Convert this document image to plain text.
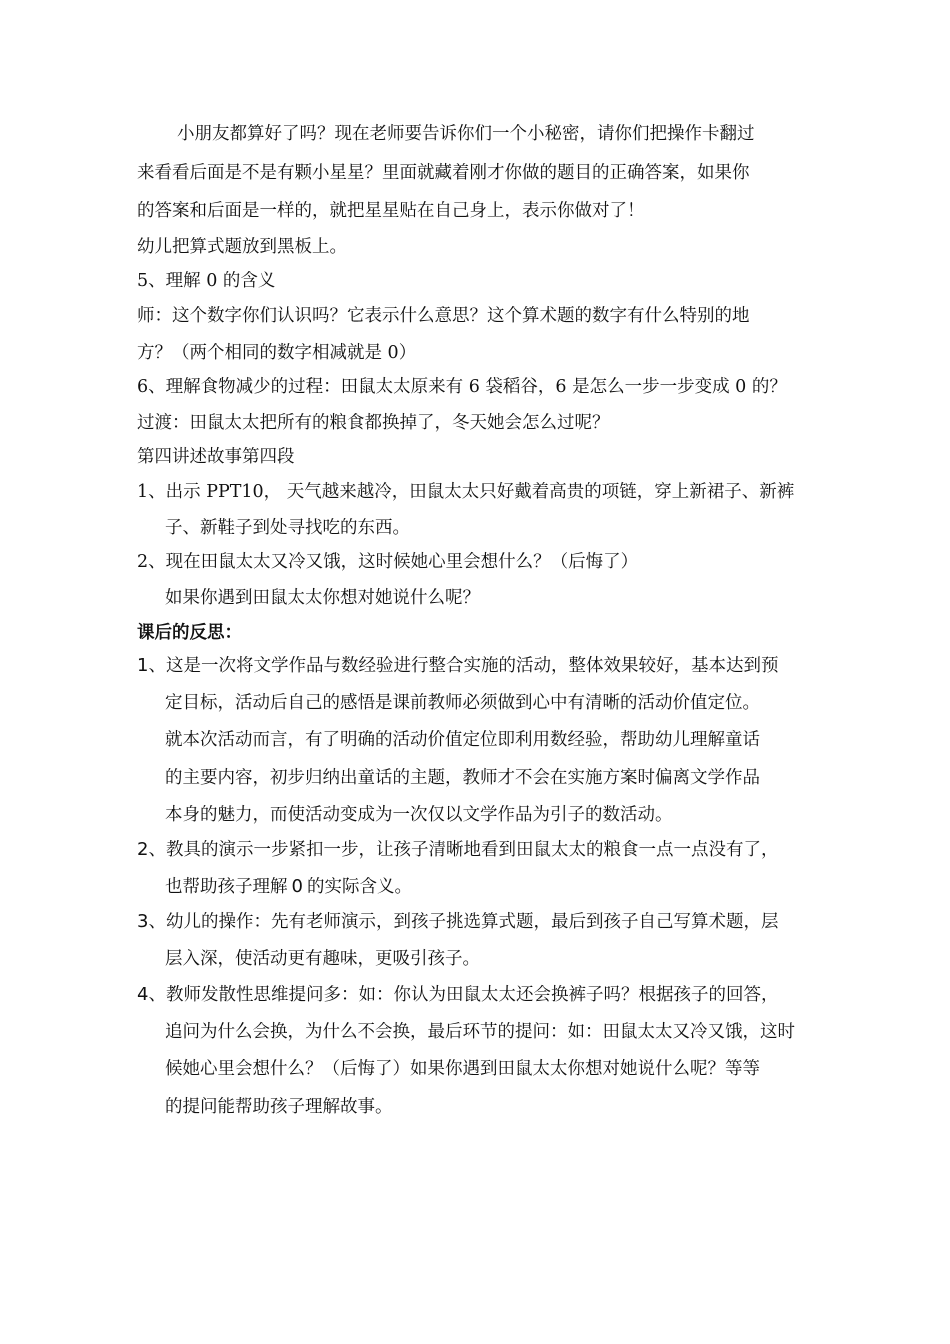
小朋友都算好了吗？现在老师要告诉你们一个小秘密，请你们把操作卡翻过
来看看后面是不是有颗小星星？里面就藏着刚才你做的题目的正确答案，如果你
的答案和后面是一样的，就把星星贴在自己身上，表示你做对了！
幼儿把算式题放到黑板上。
5、理解 0 的含义
师：这个数字你们认识吗？它表示什么意思？这个算术题的数字有什么特别的地
方？（两个相同的数字相减就是 0）
6、理解食物减少的过程：田鼠太太原来有 6 袋稻谷，6 是怎么一步一步变成 0 的？
过渡：田鼠太太把所有的粮食都换掉了，冬天她会怎么过呢？
第四讲述故事第四段
1、出示 PPT10， 天气越来越冷，田鼠太太只好戴着高贵的项链，穿上新裙子、新裤
子、新鞋子到处寻找吃的东西。
2、现在田鼠太太又冷又饿，这时候她心里会想什么？（后悔了）
如果你遇到田鼠太太你想对她说什么呢？
课后的反思：
1、这是一次将文学作品与数经验进行整合实施的活动，整体效果较好，基本达到预
定目标，活动后自己的感悟是课前教师必须做到心中有清晰的活动价值定位。
就本次活动而言，有了明确的活动价值定位即利用数经验，帮助幼儿理解童话
的主要内容，初步归纳出童话的主题，教师才不会在实施方案时偏离文学作品
本身的魅力，而使活动变成为一次仅以文学作品为引子的数活动。
2、教具的演示一步紧扣一步，让孩子清晰地看到田鼠太太的粮食一点一点没有了，
也帮助孩子理解 0 的实际含义。
3、幼儿的操作：先有老师演示，到孩子挑选算式题，最后到孩子自己写算术题，层
层入深，使活动更有趣味，更吸引孩子。
4、教师发散性思维提问多：如：你认为田鼠太太还会换裤子吗？根据孩子的回答，
追问为什么会换，为什么不会换，最后环节的提问：如：田鼠太太又冷又饿，这时
候她心里会想什么？（后悔了）如果你遇到田鼠太太你想对她说什么呢？等等
的提问能帮助孩子理解故事。
